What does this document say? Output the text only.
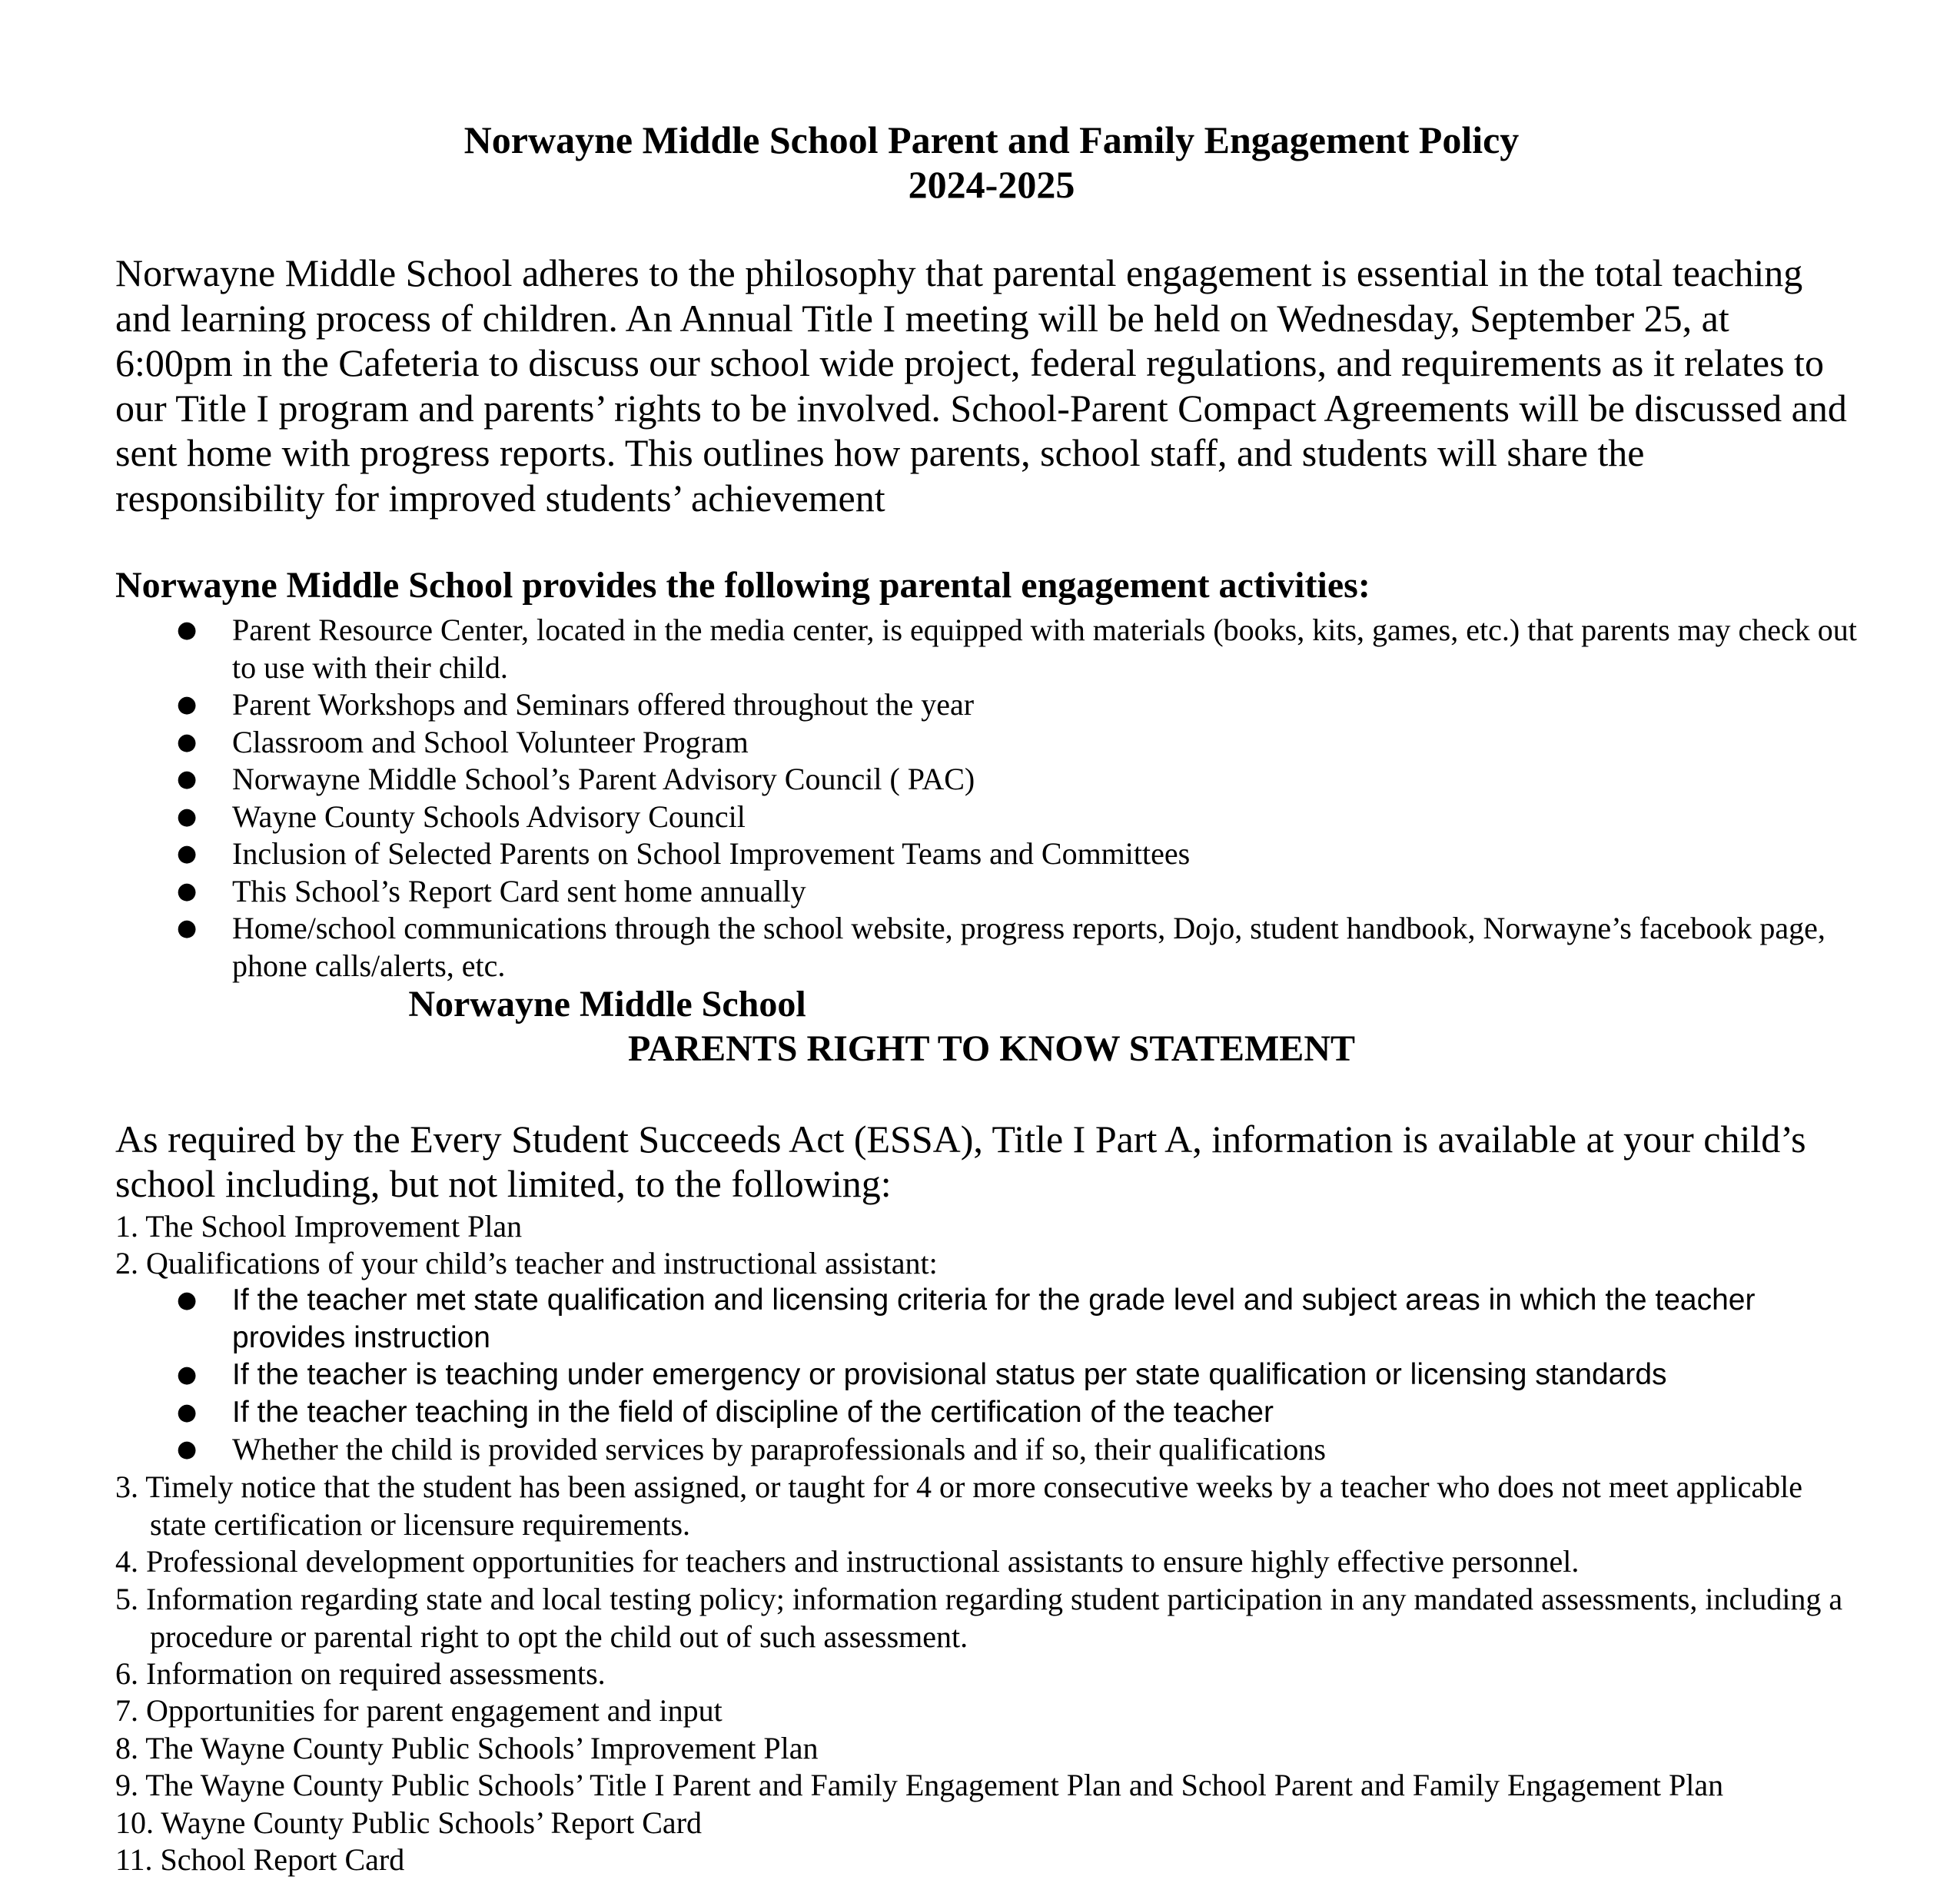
Norwayne Middle School Parent and Family Engagement Policy
2024-2025
Norwayne Middle School adheres to the philosophy that parental engagement is essential in the total teaching and learning process of children. An Annual Title I meeting will be held on Wednesday, September 25, at 6:00pm in the Cafeteria to discuss our school wide project, federal regulations, and requirements as it relates to our Title I program and parents’ rights to be involved. School-Parent Compact Agreements will be discussed and sent home with progress reports. This outlines how parents, school staff, and students will share the responsibility for improved students’ achievement
Norwayne Middle School provides the following parental engagement activities:
● Parent Resource Center, located in the media center, is equipped with materials (books, kits, games, etc.) that parents may check out to use with their child.
● Parent Workshops and Seminars offered throughout the year
● Classroom and School Volunteer Program
● Norwayne Middle School’s Parent Advisory Council ( PAC)
● Wayne County Schools Advisory Council
● Inclusion of Selected Parents on School Improvement Teams and Committees
● This School’s Report Card sent home annually
● Home/school communications through the school website, progress reports, Dojo, student handbook, Norwayne’s facebook page, phone calls/alerts, etc.
Norwayne Middle School
PARENTS RIGHT TO KNOW STATEMENT
As required by the Every Student Succeeds Act (ESSA), Title I Part A, information is available at your child’s school including, but not limited, to the following:
1. The School Improvement Plan
2. Qualifications of your child’s teacher and instructional assistant:
● If the teacher met state qualification and licensing criteria for the grade level and subject areas in which the teacher provides instruction
● If the teacher is teaching under emergency or provisional status per state qualification or licensing standards
● If the teacher teaching in the field of discipline of the certification of the teacher
● Whether the child is provided services by paraprofessionals and if so, their qualifications
3. Timely notice that the student has been assigned, or taught for 4 or more consecutive weeks by a teacher who does not meet applicable state certification or licensure requirements.
4. Professional development opportunities for teachers and instructional assistants to ensure highly effective personnel.
5. Information regarding state and local testing policy; information regarding student participation in any mandated assessments, including a procedure or parental right to opt the child out of such assessment.
6. Information on required assessments.
7. Opportunities for parent engagement and input
8. The Wayne County Public Schools’ Improvement Plan
9. The Wayne County Public Schools’ Title I Parent and Family Engagement Plan and School Parent and Family Engagement Plan
10. Wayne County Public Schools’ Report Card
11. School Report Card
